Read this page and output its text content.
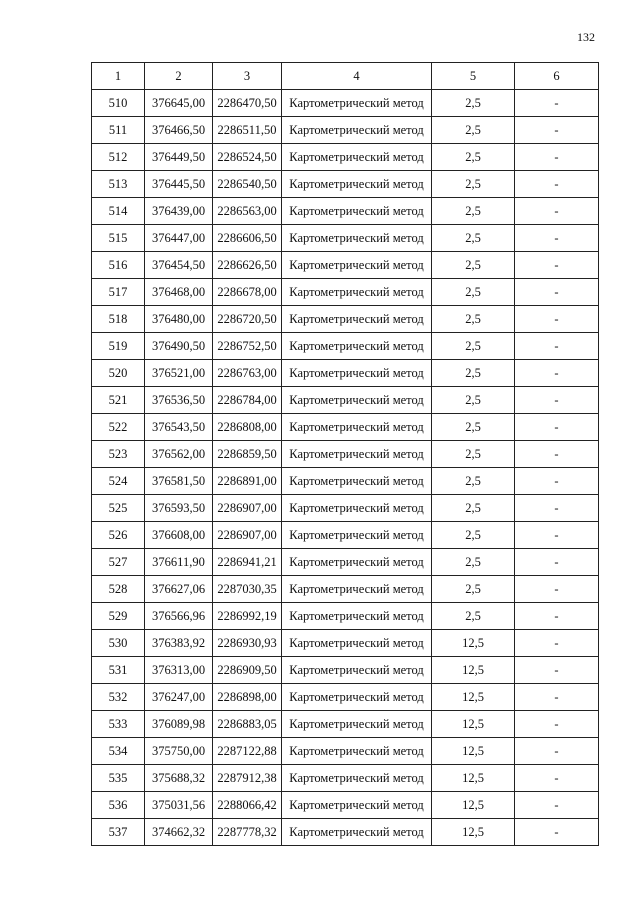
132
1	2	3	4	5	6
510	376645,00	2286470,50	Картометрический метод	2,5	-
511	376466,50	2286511,50	Картометрический метод	2,5	-
512	376449,50	2286524,50	Картометрический метод	2,5	-
513	376445,50	2286540,50	Картометрический метод	2,5	-
514	376439,00	2286563,00	Картометрический метод	2,5	-
515	376447,00	2286606,50	Картометрический метод	2,5	-
516	376454,50	2286626,50	Картометрический метод	2,5	-
517	376468,00	2286678,00	Картометрический метод	2,5	-
518	376480,00	2286720,50	Картометрический метод	2,5	-
519	376490,50	2286752,50	Картометрический метод	2,5	-
520	376521,00	2286763,00	Картометрический метод	2,5	-
521	376536,50	2286784,00	Картометрический метод	2,5	-
522	376543,50	2286808,00	Картометрический метод	2,5	-
523	376562,00	2286859,50	Картометрический метод	2,5	-
524	376581,50	2286891,00	Картометрический метод	2,5	-
525	376593,50	2286907,00	Картометрический метод	2,5	-
526	376608,00	2286907,00	Картометрический метод	2,5	-
527	376611,90	2286941,21	Картометрический метод	2,5	-
528	376627,06	2287030,35	Картометрический метод	2,5	-
529	376566,96	2286992,19	Картометрический метод	2,5	-
530	376383,92	2286930,93	Картометрический метод	12,5	-
531	376313,00	2286909,50	Картометрический метод	12,5	-
532	376247,00	2286898,00	Картометрический метод	12,5	-
533	376089,98	2286883,05	Картометрический метод	12,5	-
534	375750,00	2287122,88	Картометрический метод	12,5	-
535	375688,32	2287912,38	Картометрический метод	12,5	-
536	375031,56	2288066,42	Картометрический метод	12,5	-
537	374662,32	2287778,32	Картометрический метод	12,5	-
